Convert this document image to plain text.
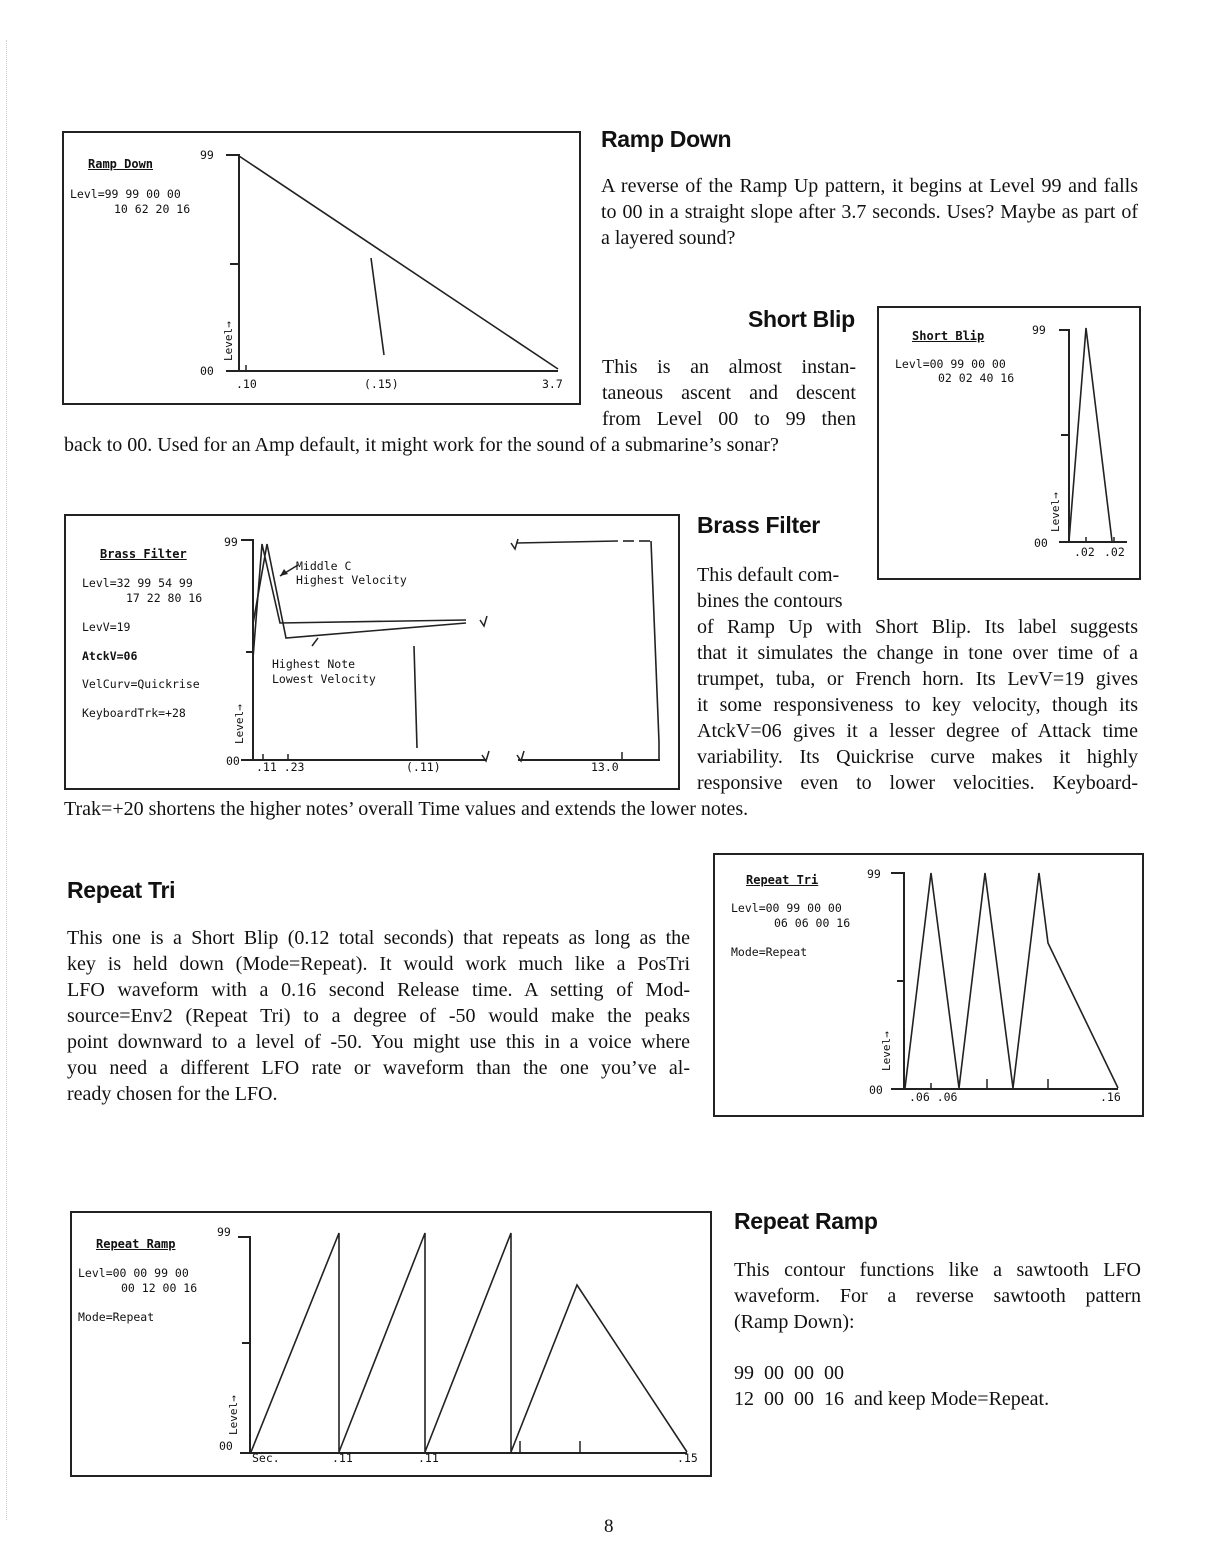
Ramp Down
Levl=99 99 00 00
10 62 20 16
99
00
Level→
.10	(.15)	3.7
Ramp Down
A reverse of the Ramp Up pattern, it begins at Level 99 and falls to 00 in a straight slope after 3.7 seconds. Uses? Maybe as part of a layered sound?
Short Blip
This is an almost instan-
taneous ascent and descent
from Level 00 to 99 then
back to 00. Used for an Amp default, it might work for the sound of a submarine’s sonar?
Short Blip
Levl=00 99 00 00
02 02 40 16
99
00
Level→
.02 .02
Brass Filter
Levl=32 99 54 99
17 22 80 16
LevV=19
AtckV=06
VelCurv=Quickrise
KeyboardTrk=+28
99
00
Level→
Middle C
Highest Velocity
Highest Note
Lowest Velocity
.11 .23	(.11)	13.0
Brass Filter
This default com-
bines the contours
of Ramp Up with Short Blip. Its label suggests
that it simulates the change in tone over time of a
trumpet, tuba, or French horn. Its LevV=19 gives
it some responsiveness to key velocity, though its
AtckV=06 gives it a lesser degree of Attack time
variability. Its Quickrise curve makes it highly
responsive even to lower velocities. Keyboard-
Trak=+20 shortens the higher notes’ overall Time values and extends the lower notes.
Repeat Tri
This one is a Short Blip (0.12 total seconds) that repeats as long as the
key is held down (Mode=Repeat). It would work much like a PosTri
LFO waveform with a 0.16 second Release time. A setting of Mod-
source=Env2 (Repeat Tri) to a degree of -50 would make the peaks
point downward to a level of -50. You might use this in a voice where
you need a different LFO rate or waveform than the one you’ve al-
ready chosen for the LFO.
Repeat Tri
Levl=00 99 00 00
06 06 00 16
Mode=Repeat
99
00
Level→
.06 .06	.16
Repeat Ramp
Levl=00 00 99 00
00 12 00 16
Mode=Repeat
99
00
Level→
Sec.	.11	.11	.15
Repeat Ramp
This contour functions like a sawtooth LFO
waveform. For a reverse sawtooth pattern
(Ramp Down):
99  00  00  00
12  00  00  16  and keep Mode=Repeat.
8
